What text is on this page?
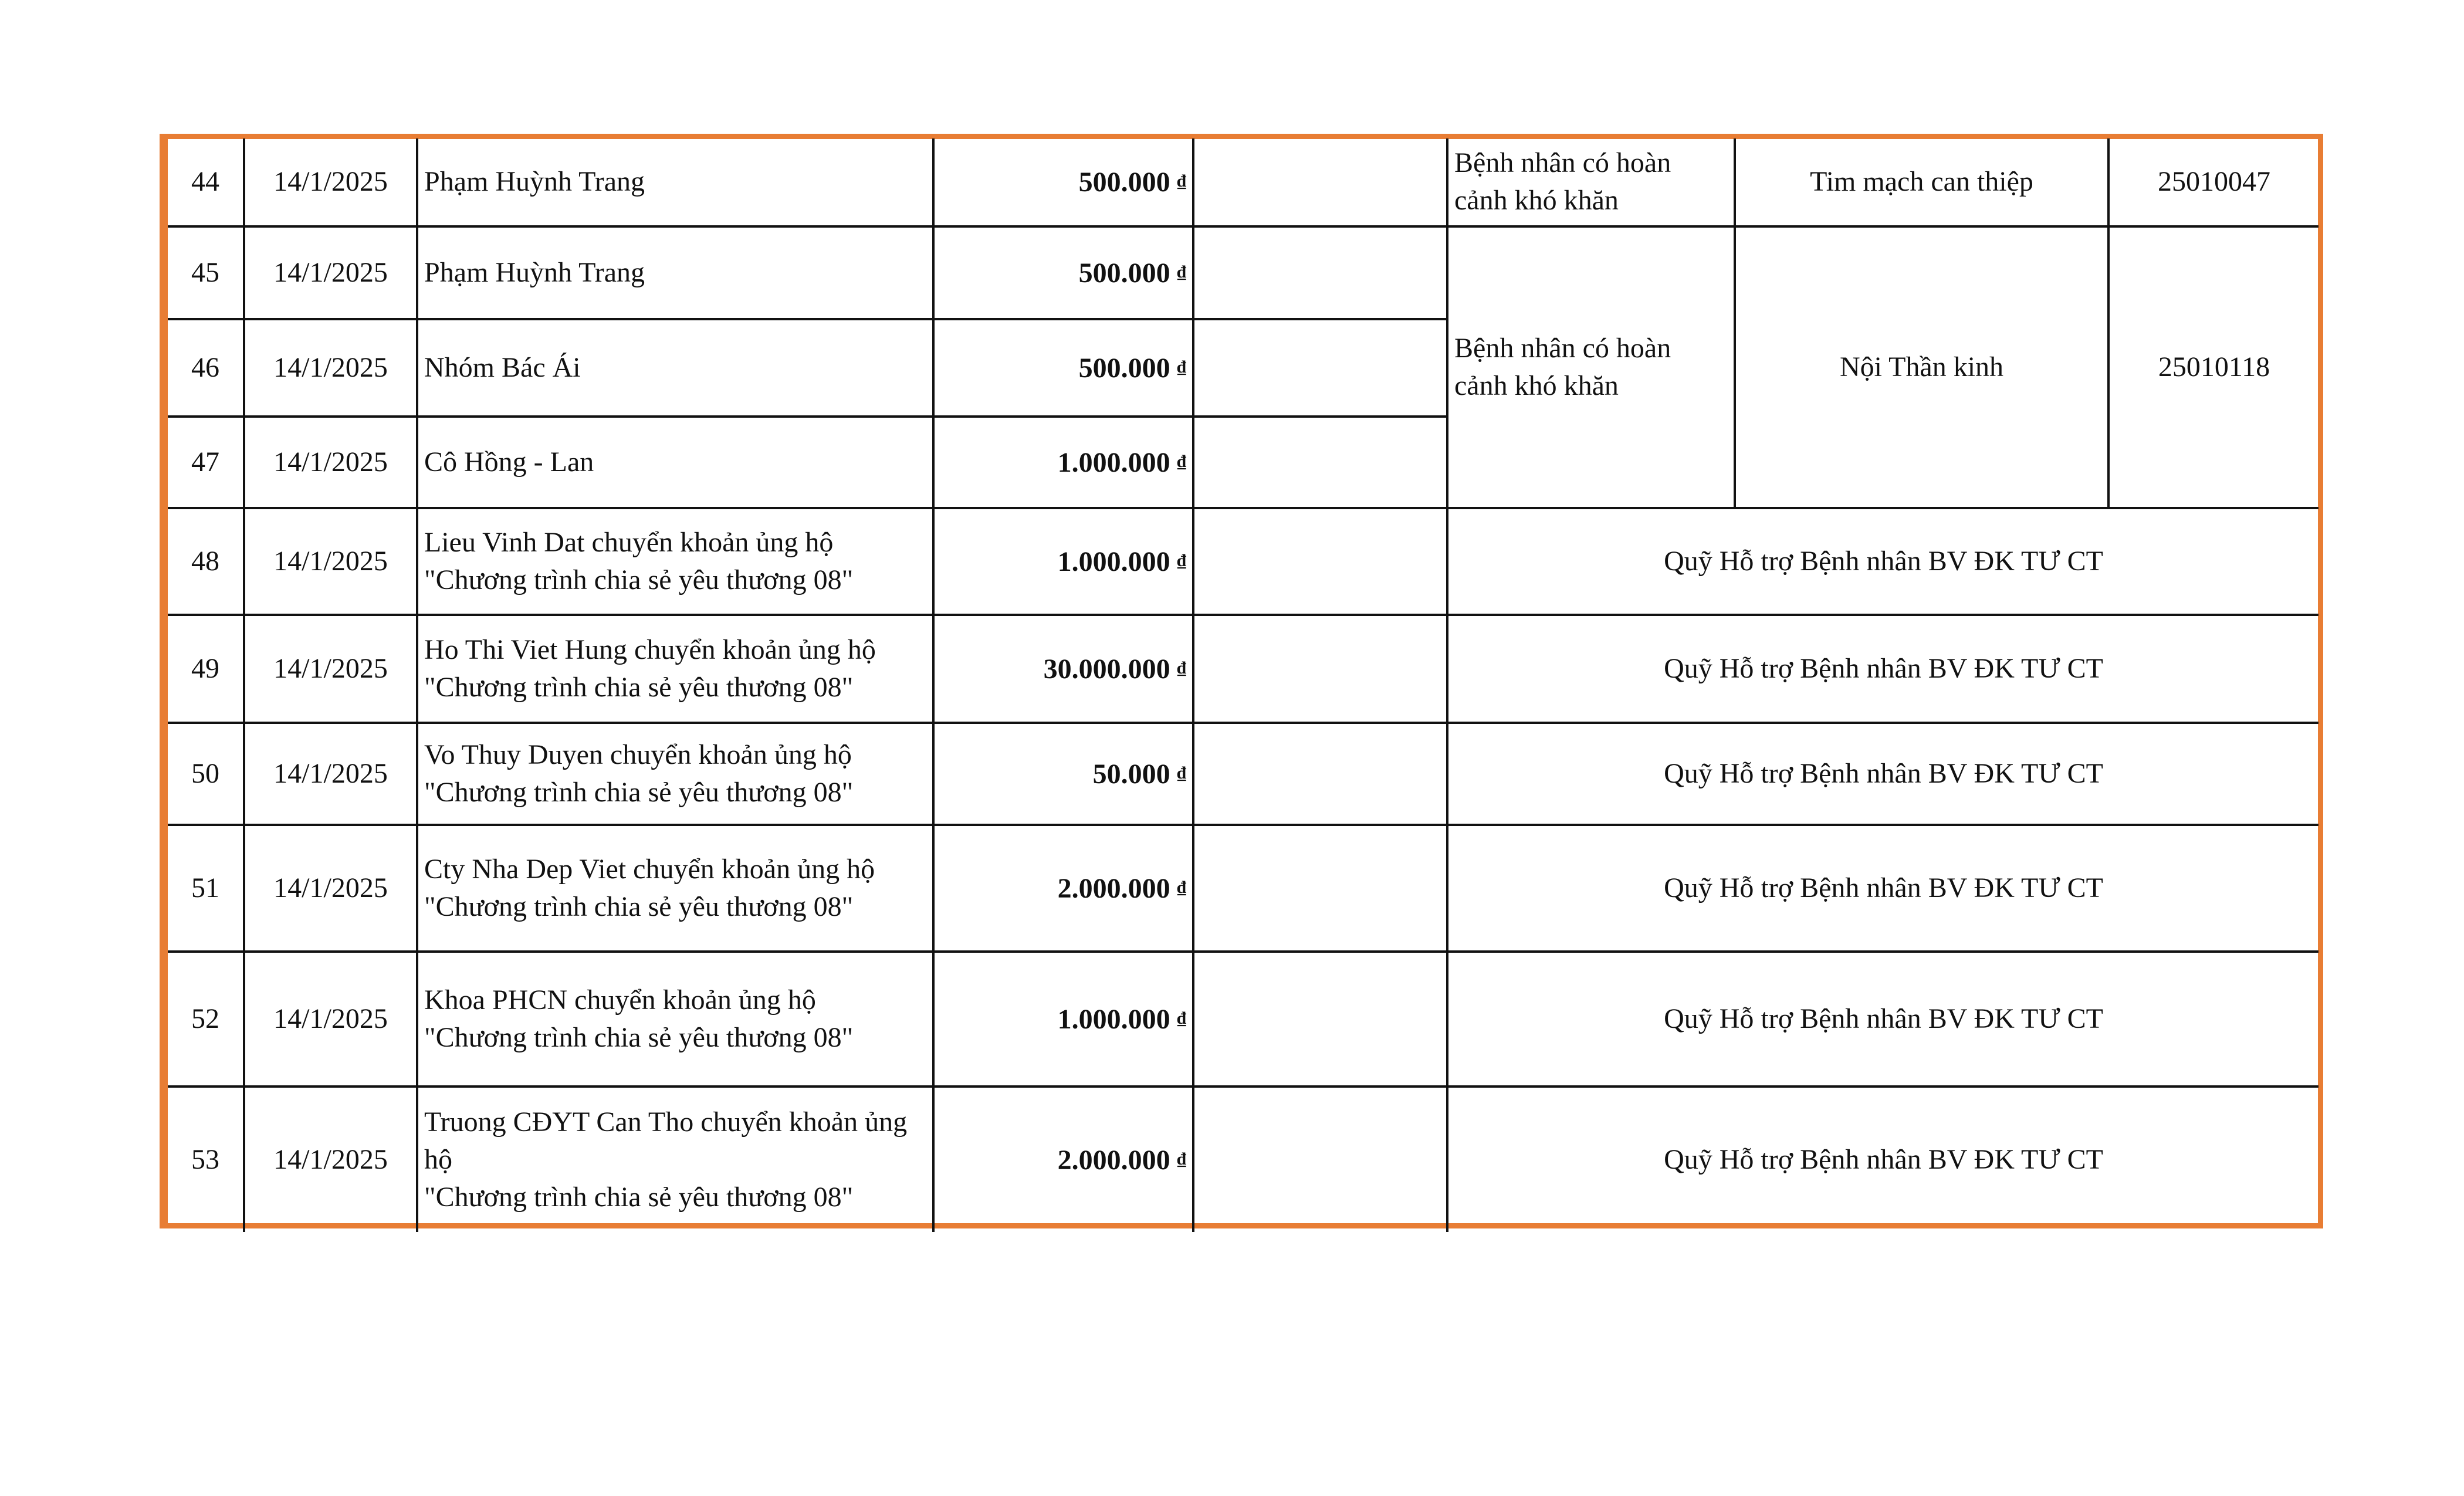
44	14/1/2025	Phạm Huỳnh Trang	500.000 ₫		Bệnh nhân có hoàn
cảnh khó khăn	Tim mạch can thiệp	25010047
45	14/1/2025	Phạm Huỳnh Trang	500.000 ₫		Bệnh nhân có hoàn
cảnh khó khăn	Nội Thần kinh	25010118
46	14/1/2025	Nhóm Bác Ái	500.000 ₫				
47	14/1/2025	Cô Hồng - Lan	1.000.000 ₫				
48	14/1/2025	Lieu Vinh Dat chuyển khoản ủng hộ
"Chương trình chia sẻ yêu thương 08"	1.000.000 ₫		Quỹ Hỗ trợ Bệnh nhân BV ĐK TƯ CT		
49	14/1/2025	Ho Thi Viet Hung chuyển khoản ủng hộ
"Chương trình chia sẻ yêu thương 08"	30.000.000 ₫		Quỹ Hỗ trợ Bệnh nhân BV ĐK TƯ CT		
50	14/1/2025	Vo Thuy Duyen chuyển khoản ủng hộ
"Chương trình chia sẻ yêu thương 08"	50.000 ₫		Quỹ Hỗ trợ Bệnh nhân BV ĐK TƯ CT		
51	14/1/2025	Cty Nha Dep Viet chuyển khoản ủng hộ
"Chương trình chia sẻ yêu thương 08"	2.000.000 ₫		Quỹ Hỗ trợ Bệnh nhân BV ĐK TƯ CT		
52	14/1/2025	Khoa PHCN chuyển khoản ủng hộ
"Chương trình chia sẻ yêu thương 08"	1.000.000 ₫		Quỹ Hỗ trợ Bệnh nhân BV ĐK TƯ CT		
53	14/1/2025	Truong CĐYT Can Tho chuyển khoản ủng
hộ
"Chương trình chia sẻ yêu thương 08"	2.000.000 ₫		Quỹ Hỗ trợ Bệnh nhân BV ĐK TƯ CT		
